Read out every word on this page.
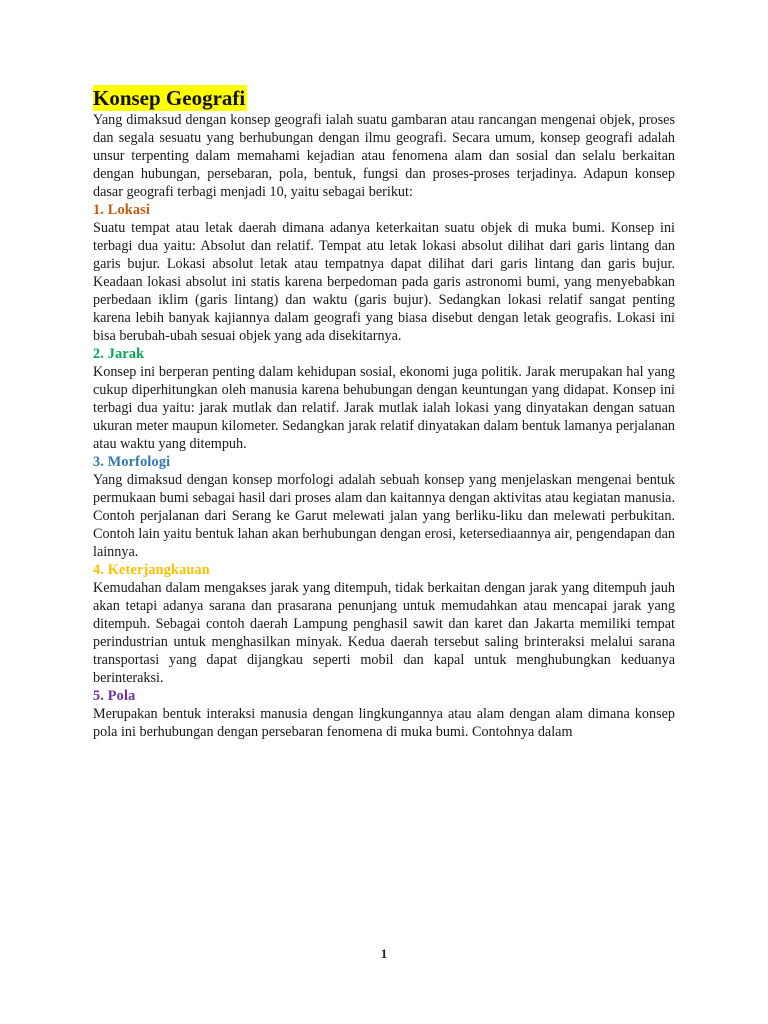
Konsep Geografi

Yang dimaksud dengan konsep geografi ialah suatu gambaran atau rancangan mengenai objek, proses dan segala sesuatu yang berhubungan dengan ilmu geografi. Secara umum, konsep geografi adalah unsur terpenting dalam memahami kejadian atau fenomena alam dan sosial dan selalu berkaitan dengan hubungan, persebaran, pola, bentuk, fungsi dan proses-proses terjadinya. Adapun konsep dasar geografi terbagi menjadi 10, yaitu sebagai berikut:

1. Lokasi

Suatu tempat atau letak daerah dimana adanya keterkaitan suatu objek di muka bumi. Konsep ini terbagi dua yaitu: Absolut dan relatif. Tempat atu letak lokasi absolut dilihat dari garis lintang dan garis bujur. Lokasi absolut letak atau tempatnya dapat dilihat dari garis lintang dan garis bujur. Keadaan lokasi absolut ini statis karena berpedoman pada garis astronomi bumi, yang menyebabkan perbedaan iklim (garis lintang) dan waktu (garis bujur). Sedangkan lokasi relatif sangat penting karena lebih banyak kajiannya dalam geografi yang biasa disebut dengan letak geografis. Lokasi ini bisa berubah-ubah sesuai objek yang ada disekitarnya.

2. Jarak

Konsep ini berperan penting dalam kehidupan sosial, ekonomi juga politik. Jarak merupakan hal yang cukup diperhitungkan oleh manusia karena behubungan dengan keuntungan yang didapat. Konsep ini terbagi dua yaitu: jarak mutlak dan relatif. Jarak mutlak ialah lokasi yang dinyatakan dengan satuan ukuran meter maupun kilometer. Sedangkan jarak relatif dinyatakan dalam bentuk lamanya perjalanan atau waktu yang ditempuh.

3. Morfologi

Yang dimaksud dengan konsep morfologi adalah sebuah konsep yang menjelaskan mengenai bentuk permukaan bumi sebagai hasil dari proses alam dan kaitannya dengan aktivitas atau kegiatan manusia. Contoh perjalanan dari Serang ke Garut melewati jalan yang berliku-liku dan melewati perbukitan. Contoh lain yaitu bentuk lahan akan berhubungan dengan erosi, ketersediaannya air, pengendapan dan lainnya.

4. Keterjangkauan

Kemudahan dalam mengakses jarak yang ditempuh, tidak berkaitan dengan jarak yang ditempuh jauh akan tetapi adanya sarana dan prasarana penunjang untuk memudahkan atau mencapai jarak yang ditempuh. Sebagai contoh daerah Lampung penghasil sawit dan karet dan Jakarta memiliki tempat perindustrian untuk menghasilkan minyak. Kedua daerah tersebut saling brinteraksi melalui sarana transportasi yang dapat dijangkau seperti mobil dan kapal untuk menghubungkan keduanya berinteraksi.

5. Pola

Merupakan bentuk interaksi manusia dengan lingkungannya atau alam dengan alam dimana konsep pola ini berhubungan dengan persebaran fenomena di muka bumi. Contohnya dalam

1
